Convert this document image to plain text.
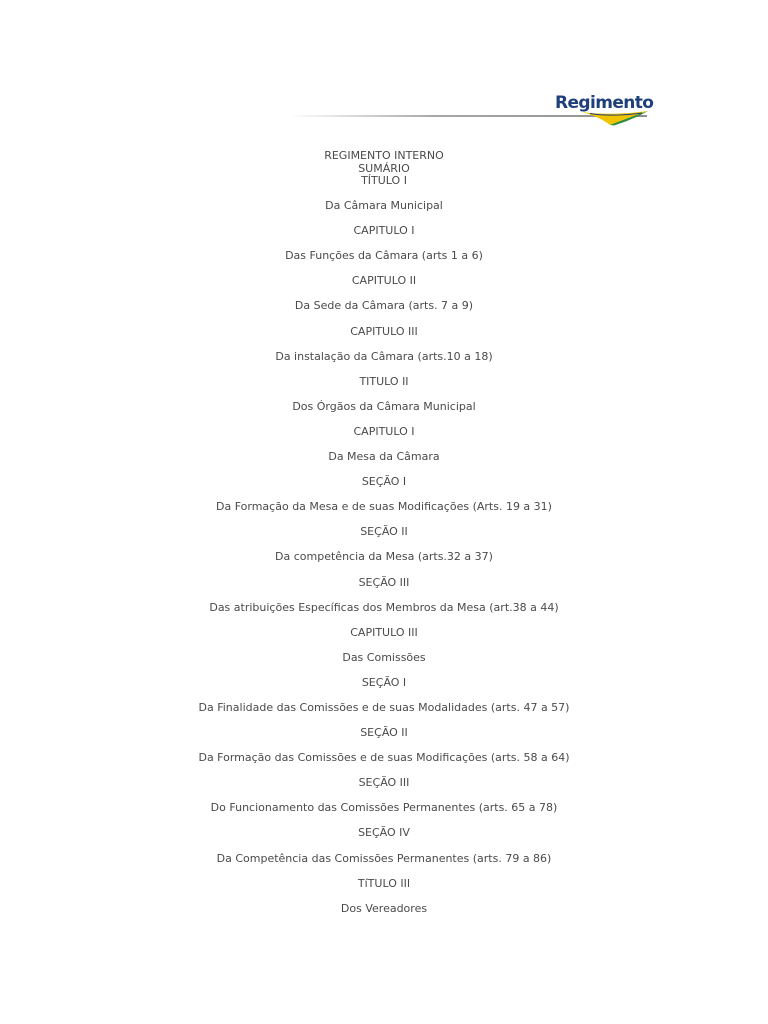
Regimento
REGIMENTO INTERNO
SUMÁRIO
TÍTULO I
Da Câmara Municipal
CAPITULO I
Das Funções da Câmara (arts 1 a 6)
CAPITULO II
Da Sede da Câmara (arts. 7 a 9)
CAPITULO III
Da instalação da Câmara (arts.10 a 18)
TITULO II
Dos Órgãos da Câmara Municipal
CAPITULO I
Da Mesa da Câmara
SEÇÃO I
Da Formação da Mesa e de suas Modificações (Arts. 19 a 31)
SEÇÃO II
Da competência da Mesa (arts.32 a 37)
SEÇÃO III
Das atribuições Específicas dos Membros da Mesa (art.38 a 44)
CAPITULO III
Das Comissões
SEÇÃO I
Da Finalidade das Comissões e de suas Modalidades (arts. 47 a 57)
SEÇÃO II
Da Formação das Comissões e de suas Modificações (arts. 58 a 64)
SEÇÃO III
Do Funcionamento das Comissões Permanentes (arts. 65 a 78)
SEÇÃO IV
Da Competência das Comissões Permanentes (arts. 79 a 86)
TíTULO III
Dos Vereadores
